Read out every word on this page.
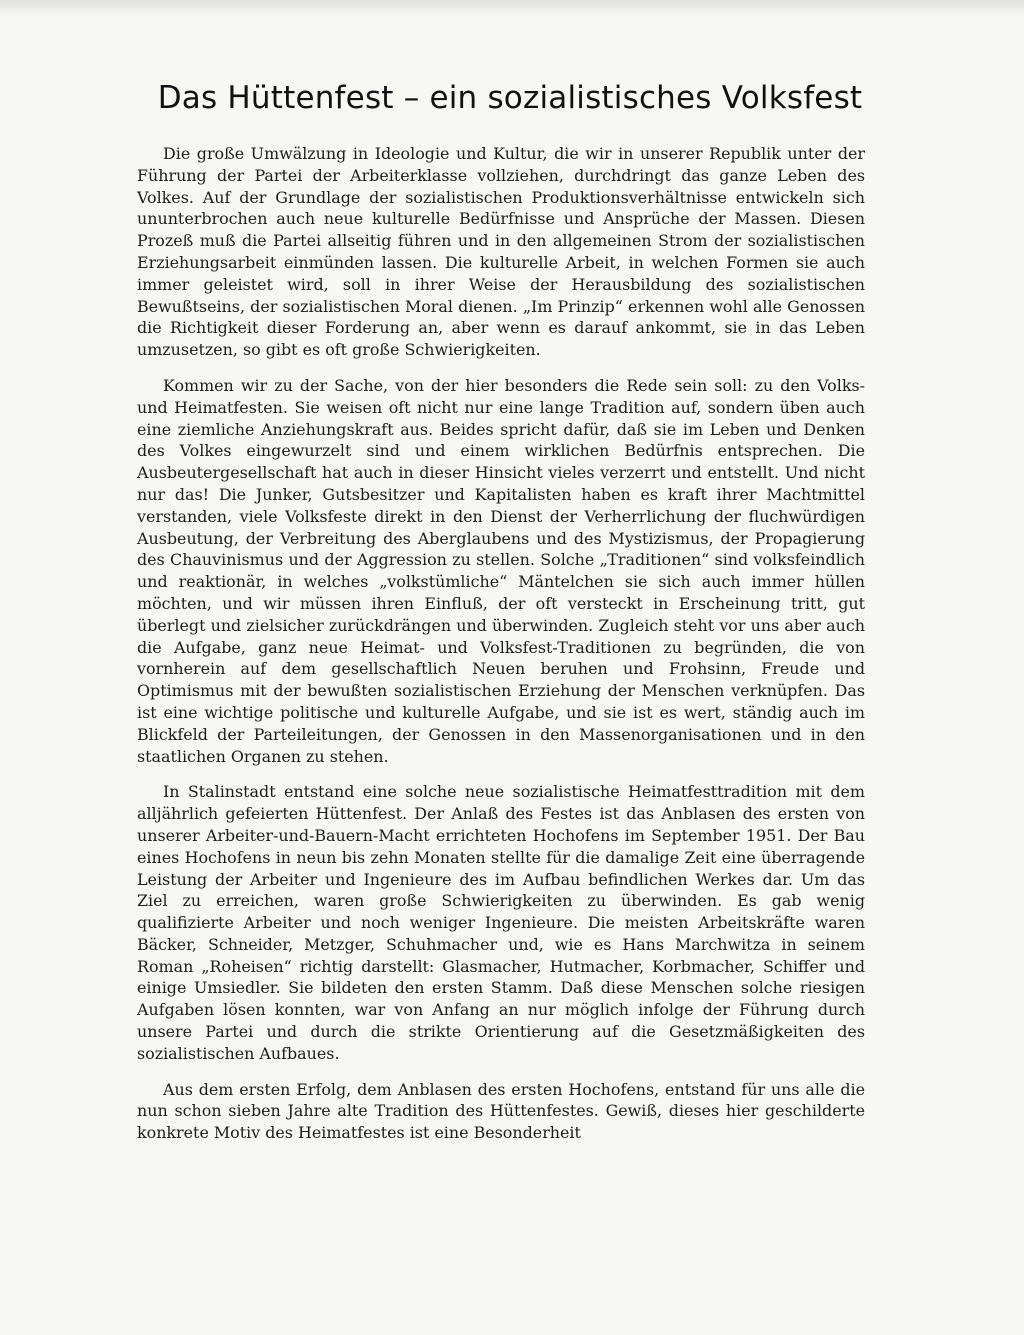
Das Hüttenfest – ein sozialistisches Volksfest

Die große Umwälzung in Ideologie und Kultur, die wir in unserer Republik unter der Führung der Partei der Arbeiterklasse vollziehen, durchdringt das ganze Leben des Volkes. Auf der Grundlage der sozialistischen Produktionsverhältnisse entwickeln sich ununterbrochen auch neue kulturelle Bedürfnisse und Ansprüche der Massen. Diesen Prozeß muß die Partei allseitig führen und in den allgemeinen Strom der sozialistischen Erziehungsarbeit einmünden lassen. Die kulturelle Arbeit, in welchen Formen sie auch immer geleistet wird, soll in ihrer Weise der Herausbildung des sozialistischen Bewußtseins, der sozialistischen Moral dienen. „Im Prinzip“ erkennen wohl alle Genossen die Richtigkeit dieser Forderung an, aber wenn es darauf ankommt, sie in das Leben umzusetzen, so gibt es oft große Schwierigkeiten.

Kommen wir zu der Sache, von der hier besonders die Rede sein soll: zu den Volks- und Heimatfesten. Sie weisen oft nicht nur eine lange Tradition auf, sondern üben auch eine ziemliche Anziehungskraft aus. Beides spricht dafür, daß sie im Leben und Denken des Volkes eingewurzelt sind und einem wirklichen Bedürfnis entsprechen. Die Ausbeutergesellschaft hat auch in dieser Hinsicht vieles verzerrt und entstellt. Und nicht nur das! Die Junker, Gutsbesitzer und Kapitalisten haben es kraft ihrer Machtmittel verstanden, viele Volksfeste direkt in den Dienst der Verherrlichung der fluchwürdigen Ausbeutung, der Verbreitung des Aberglaubens und des Mystizismus, der Propagierung des Chauvinismus und der Aggression zu stellen. Solche „Traditionen“ sind volksfeindlich und reaktionär, in welches „volkstümliche“ Mäntelchen sie sich auch immer hüllen möchten, und wir müssen ihren Einfluß, der oft versteckt in Erscheinung tritt, gut überlegt und zielsicher zurückdrängen und überwinden. Zugleich steht vor uns aber auch die Aufgabe, ganz neue Heimat- und Volksfest-Traditionen zu begründen, die von vornherein auf dem gesellschaftlich Neuen beruhen und Frohsinn, Freude und Optimismus mit der bewußten sozialistischen Erziehung der Menschen verknüpfen. Das ist eine wichtige politische und kulturelle Aufgabe, und sie ist es wert, ständig auch im Blickfeld der Parteileitungen, der Genossen in den Massenorganisationen und in den staatlichen Organen zu stehen.

In Stalinstadt entstand eine solche neue sozialistische Heimatfesttradition mit dem alljährlich gefeierten Hüttenfest. Der Anlaß des Festes ist das Anblasen des ersten von unserer Arbeiter-und-Bauern-Macht errichteten Hochofens im September 1951. Der Bau eines Hochofens in neun bis zehn Monaten stellte für die damalige Zeit eine überragende Leistung der Arbeiter und Ingenieure des im Aufbau befindlichen Werkes dar. Um das Ziel zu erreichen, waren große Schwierigkeiten zu überwinden. Es gab wenig qualifizierte Arbeiter und noch weniger Ingenieure. Die meisten Arbeitskräfte waren Bäcker, Schneider, Metzger, Schuhmacher und, wie es Hans Marchwitza in seinem Roman „Roheisen“ richtig darstellt: Glasmacher, Hutmacher, Korbmacher, Schiffer und einige Umsiedler. Sie bildeten den ersten Stamm. Daß diese Menschen solche riesigen Aufgaben lösen konnten, war von Anfang an nur möglich infolge der Führung durch unsere Partei und durch die strikte Orientierung auf die Gesetzmäßigkeiten des sozialistischen Aufbaues.

Aus dem ersten Erfolg, dem Anblasen des ersten Hochofens, entstand für uns alle die nun schon sieben Jahre alte Tradition des Hüttenfestes. Gewiß, dieses hier geschilderte konkrete Motiv des Heimatfestes ist eine Besonderheit
